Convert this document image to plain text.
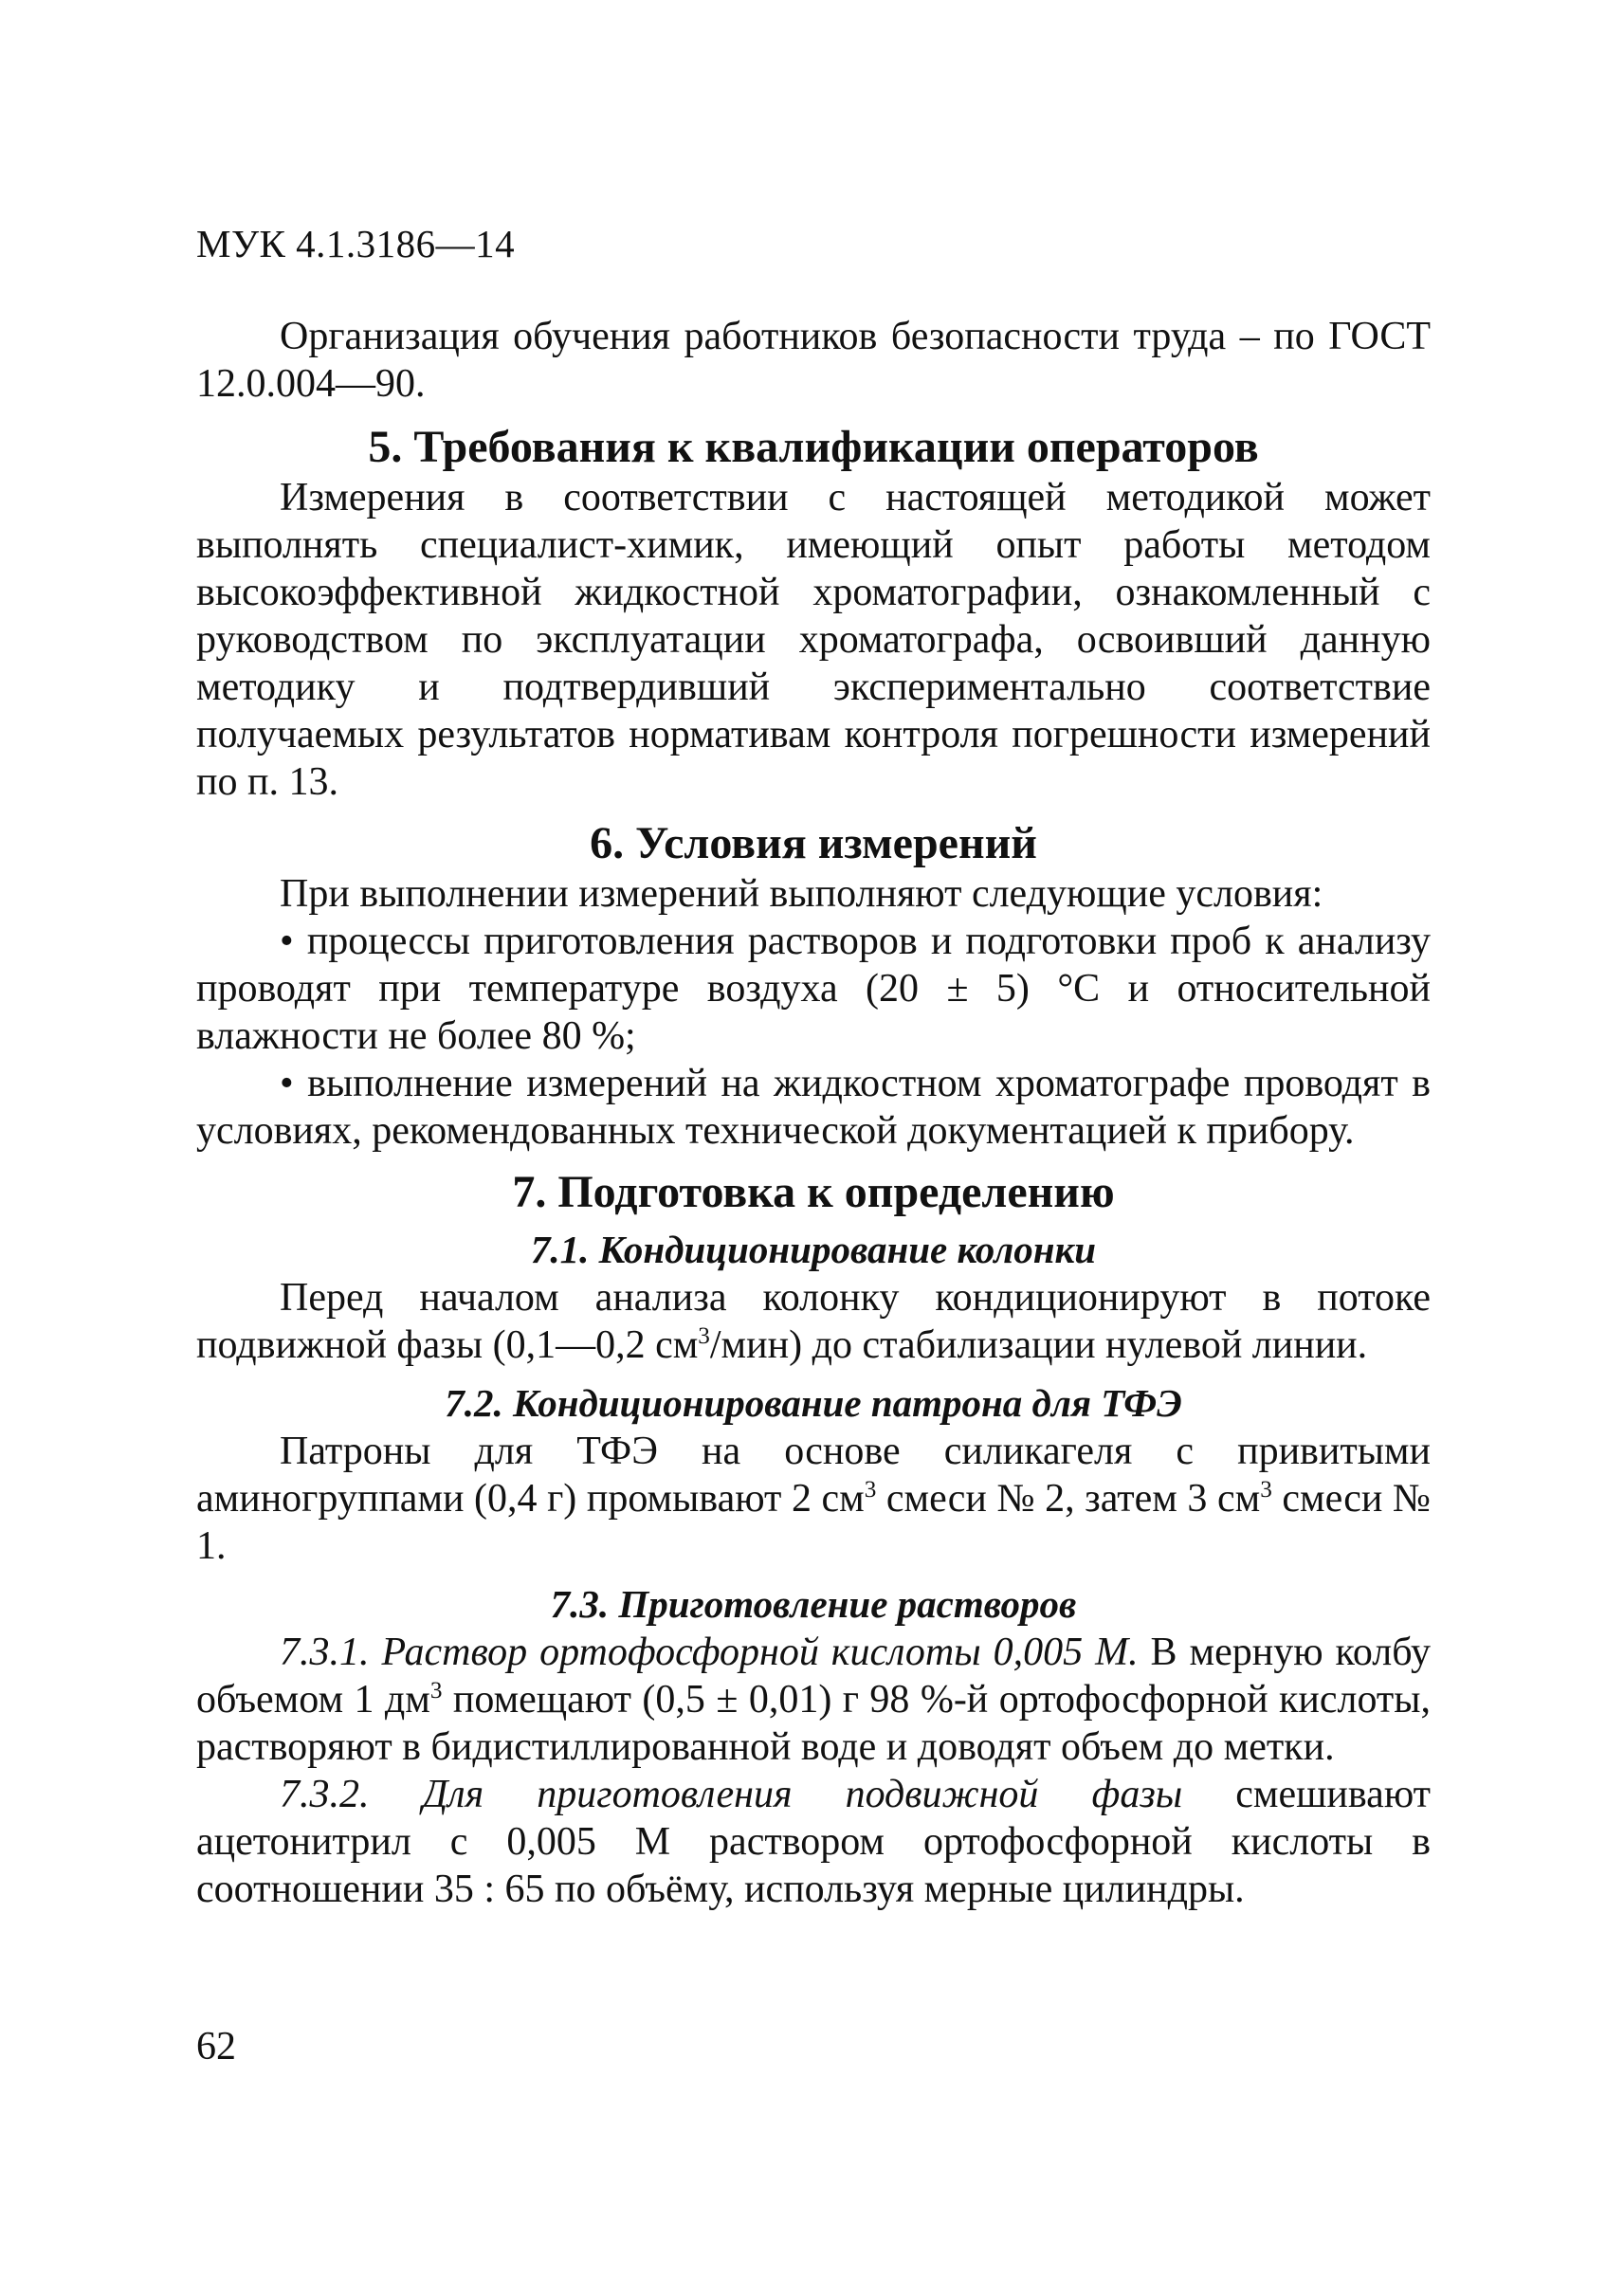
МУК 4.1.3186—14

Организация обучения работников безопасности труда – по ГОСТ 12.0.004—90.

5. Требования к квалификации операторов

Измерения в соответствии с настоящей методикой может выполнять специалист-химик, имеющий опыт работы методом высокоэффективной жидкостной хроматографии, ознакомленный с руководством по эксплуатации хроматографа, освоивший данную методику и подтвердивший экспериментально соответствие получаемых результатов нормативам контроля погрешности измерений по п. 13.

6. Условия измерений

При выполнении измерений выполняют следующие условия:

• процессы приготовления растворов и подготовки проб к анализу проводят при температуре воздуха (20 ± 5) °С и относительной влажности не более 80 %;

• выполнение измерений на жидкостном хроматографе проводят в условиях, рекомендованных технической документацией к прибору.

7. Подготовка к определению
7.1. Кондиционирование колонки

Перед началом анализа колонку кондиционируют в потоке подвижной фазы (0,1—0,2 $см^3/мин$) до стабилизации нулевой линии.

7.2. Кондиционирование патрона для ТФЭ

Патроны для ТФЭ на основе силикагеля с привитыми аминогруппами (0,4 г) промывают 2 $см^3$ смеси № 2, затем 3 $см^3$ смеси № 1.

7.3. Приготовление растворов

7.3.1. Раствор ортофосфорной кислоты 0,005 М. В мерную колбу объемом 1 $дм^3$ помещают (0,5 ± 0,01) г 98 %-й ортофосфорной кислоты, растворяют в бидистиллированной воде и доводят объем до метки.

7.3.2. Для приготовления подвижной фазы смешивают ацетонитрил с 0,005 М раствором ортофосфорной кислоты в соотношении 35 : 65 по объёму, используя мерные цилиндры.

62
